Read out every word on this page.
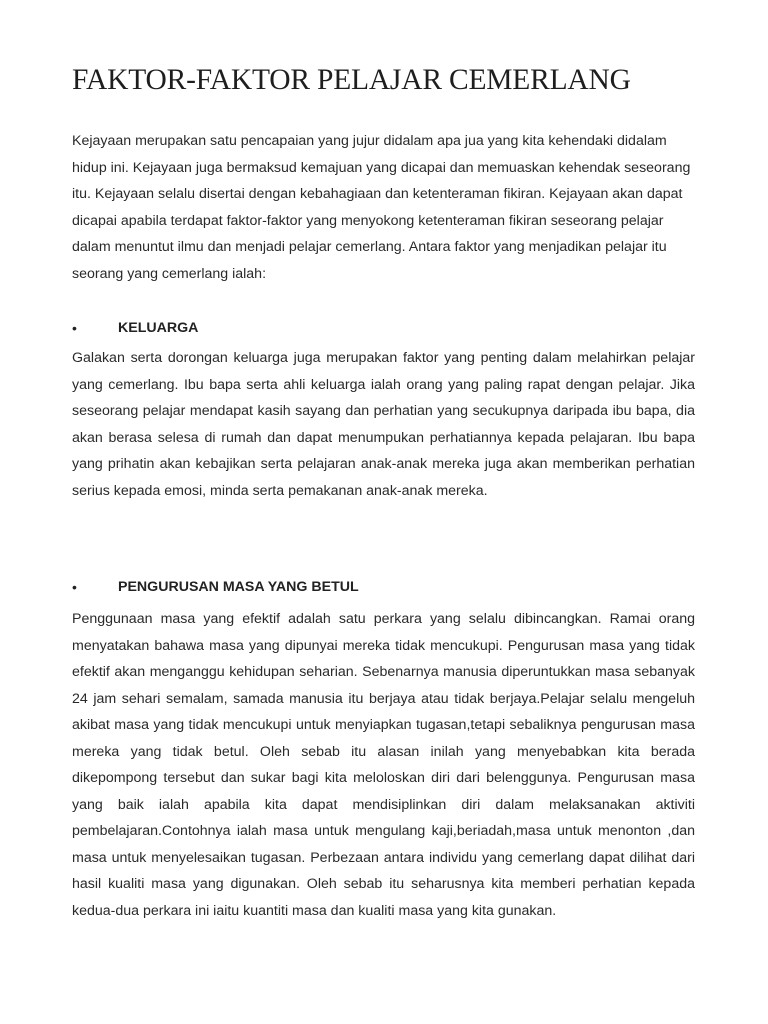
FAKTOR-FAKTOR PELAJAR CEMERLANG

Kejayaan merupakan satu pencapaian yang jujur didalam apa jua yang kita kehendaki didalam hidup ini. Kejayaan juga bermaksud kemajuan yang dicapai dan memuaskan kehendak seseorang itu. Kejayaan selalu disertai dengan kebahagiaan dan ketenteraman fikiran. Kejayaan akan dapat dicapai apabila terdapat faktor-faktor yang menyokong ketenteraman fikiran seseorang pelajar dalam menuntut ilmu dan menjadi pelajar cemerlang. Antara faktor yang menjadikan pelajar itu seorang yang cemerlang ialah:

•	KELUARGA

Galakan serta dorongan keluarga juga merupakan faktor yang penting dalam melahirkan pelajar yang cemerlang. Ibu bapa serta ahli keluarga ialah orang yang paling rapat dengan pelajar. Jika seseorang pelajar mendapat kasih sayang dan perhatian yang secukupnya daripada ibu bapa, dia akan berasa selesa di rumah dan dapat menumpukan perhatiannya kepada pelajaran. Ibu bapa yang prihatin akan kebajikan serta pelajaran anak-anak mereka juga akan memberikan perhatian serius kepada emosi, minda serta pemakanan anak-anak mereka.

•	PENGURUSAN MASA YANG BETUL

Penggunaan masa yang efektif adalah satu perkara yang selalu dibincangkan. Ramai orang menyatakan bahawa masa yang dipunyai mereka tidak mencukupi. Pengurusan masa yang tidak efektif akan menganggu kehidupan seharian. Sebenarnya manusia diperuntukkan masa sebanyak 24 jam sehari semalam, samada manusia itu berjaya atau tidak berjaya.Pelajar selalu mengeluh akibat masa yang tidak mencukupi untuk menyiapkan tugasan,tetapi sebaliknya pengurusan masa mereka yang tidak betul. Oleh sebab itu alasan inilah yang menyebabkan kita berada dikepompong tersebut dan sukar bagi kita meloloskan diri dari belenggunya. Pengurusan masa yang baik ialah apabila kita dapat mendisiplinkan diri dalam melaksanakan aktiviti pembelajaran.Contohnya ialah masa untuk mengulang kaji,beriadah,masa untuk menonton ,dan masa untuk menyelesaikan tugasan. Perbezaan antara individu yang cemerlang dapat dilihat dari hasil kualiti masa yang digunakan. Oleh sebab itu seharusnya kita memberi perhatian kepada kedua-dua perkara ini iaitu kuantiti masa dan kualiti masa yang kita gunakan.
